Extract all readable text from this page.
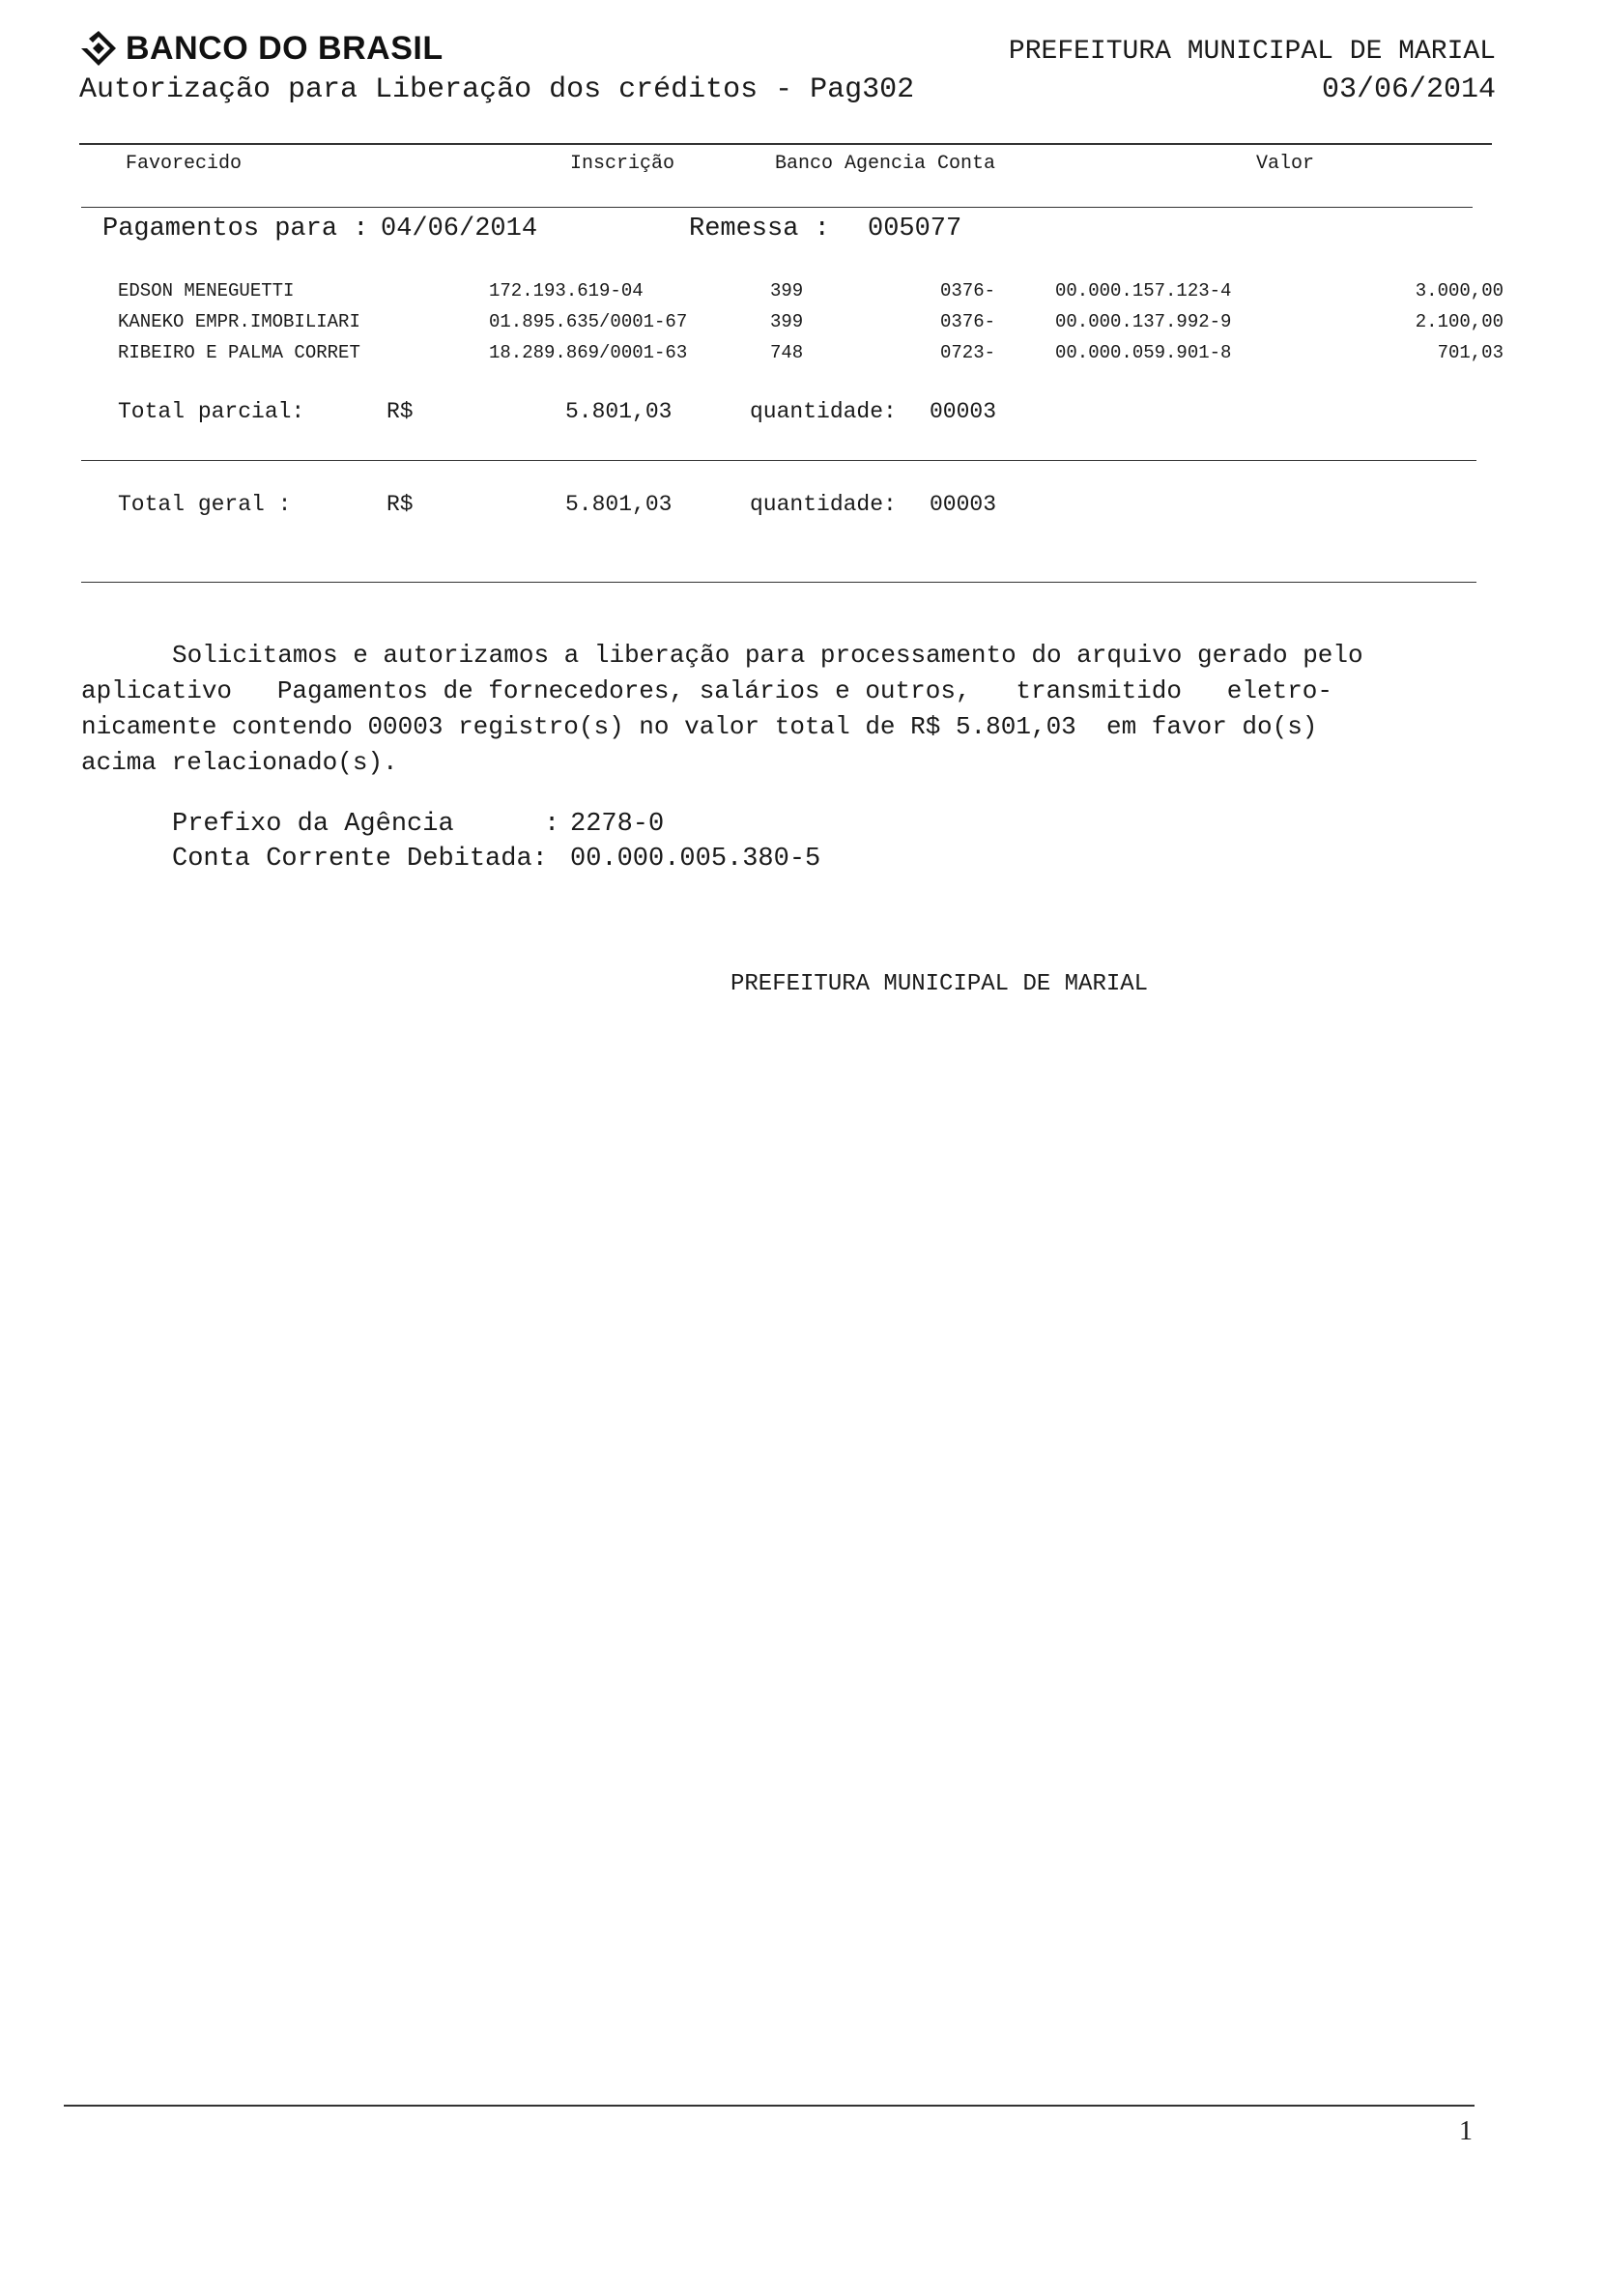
BANCO DO BRASIL
Autorização para Liberação dos créditos - Pag302
PREFEITURA MUNICIPAL DE MARIAL
03/06/2014
Favorecido	Inscrição	Banco Agencia Conta	Valor
Pagamentos para : 04/06/2014	Remessa : 005077
EDSON MENEGUETTI	172.193.619-04	399	0376-	00.000.157.123-4	3.000,00
KANEKO EMPR.IMOBILIARI	01.895.635/0001-67	399	0376-	00.000.137.992-9	2.100,00
RIBEIRO E PALMA CORRET	18.289.869/0001-63	748	0723-	00.000.059.901-8	701,03
Total parcial:	R$	5.801,03	quantidade: 00003
Total geral :	R$	5.801,03	quantidade: 00003
Solicitamos e autorizamos a liberação para processamento do arquivo gerado pelo
aplicativo   Pagamentos de fornecedores, salários e outros,   transmitido   eletro-
nicamente contendo 00003 registro(s) no valor total de R$ 5.801,03  em favor do(s)
acima relacionado(s).
Prefixo da Agência	: 2278-0
Conta Corrente Debitada: 00.000.005.380-5
PREFEITURA MUNICIPAL DE MARIAL
1
